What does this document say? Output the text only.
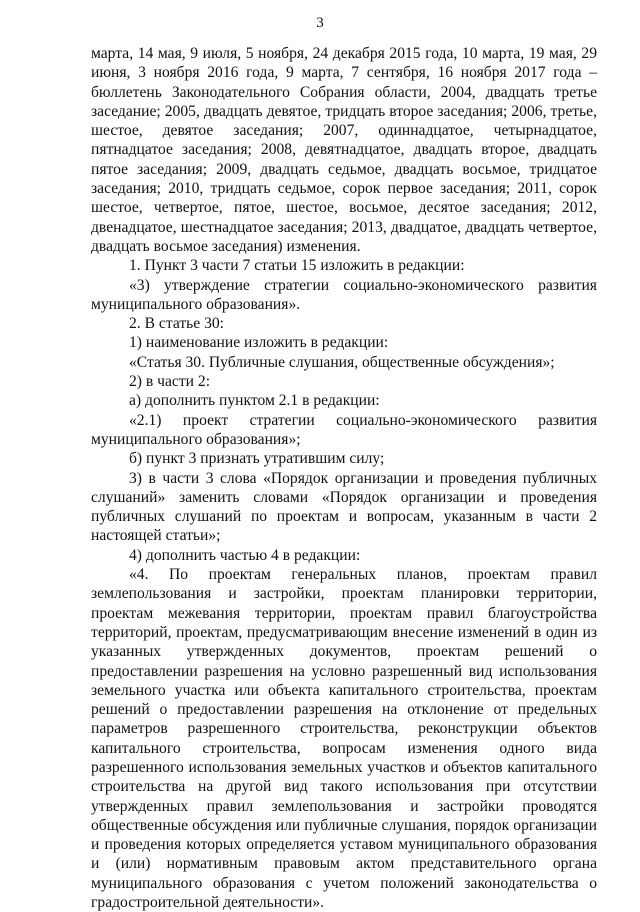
3

марта, 14 мая, 9 июля, 5 ноября, 24 декабря 2015 года, 10 марта, 19 мая, 29 июня, 3 ноября 2016 года, 9 марта, 7 сентября, 16 ноября 2017 года – бюллетень Законодательного Собрания области, 2004, двадцать третье заседание; 2005, двадцать девятое, тридцать второе заседания; 2006, третье, шестое, девятое заседания; 2007, одиннадцатое, четырнадцатое, пятнадцатое заседания; 2008, девятнадцатое, двадцать второе, двадцать пятое заседания; 2009, двадцать седьмое, двадцать восьмое, тридцатое заседания; 2010, тридцать седьмое, сорок первое заседания; 2011, сорок шестое, четвертое, пятое, шестое, восьмое, десятое заседания; 2012, двенадцатое, шестнадцатое заседания; 2013, двадцатое, двадцать четвертое, двадцать восьмое заседания) изменения.

1. Пункт 3 части 7 статьи 15 изложить в редакции:

«3) утверждение стратегии социально-экономического развития муниципального образования».

2. В статье 30:

1) наименование изложить в редакции:

«Статья 30. Публичные слушания, общественные обсуждения»;

2) в части 2:

а) дополнить пунктом 2.1 в редакции:

«2.1) проект стратегии социально-экономического развития муниципального образования»;

б) пункт 3 признать утратившим силу;

3) в части 3 слова «Порядок организации и проведения публичных слушаний» заменить словами «Порядок организации и проведения публичных слушаний по проектам и вопросам, указанным в части 2 настоящей статьи»;

4) дополнить частью 4 в редакции:

«4. По проектам генеральных планов, проектам правил землепользования и застройки, проектам планировки территории, проектам межевания территории, проектам правил благоустройства территорий, проектам, предусматривающим внесение изменений в один из указанных утвержденных документов, проектам решений о предоставлении разрешения на условно разрешенный вид использования земельного участка или объекта капитального строительства, проектам решений о предоставлении разрешения на отклонение от предельных параметров разрешенного строительства, реконструкции объектов капитального строительства, вопросам изменения одного вида разрешенного использования земельных участков и объектов капитального строительства на другой вид такого использования при отсутствии утвержденных правил землепользования и застройки проводятся общественные обсуждения или публичные слушания, порядок организации и проведения которых определяется уставом муниципального образования и (или) нормативным правовым актом представительного органа муниципального образования с учетом положений законодательства о градостроительной деятельности».
